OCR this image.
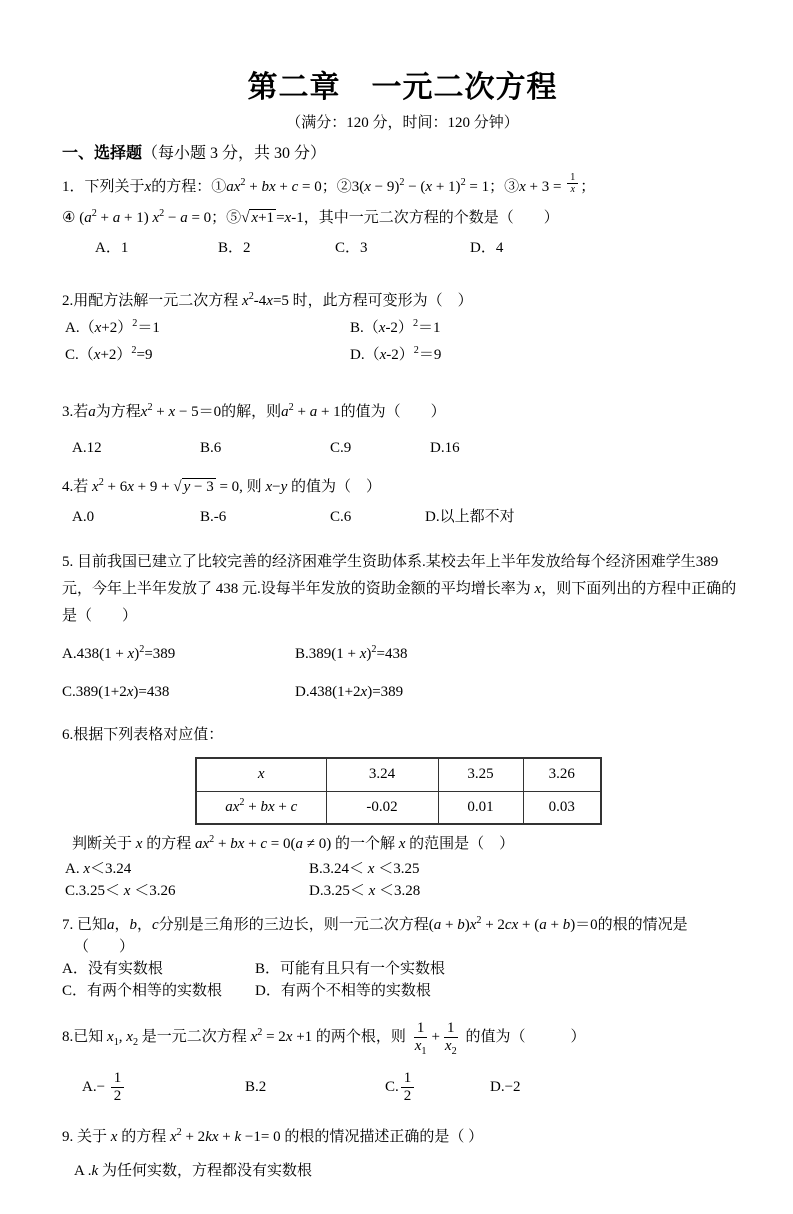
第二章　一元二次方程
（满分：120 分，时间：120 分钟）
一、选择题（每小题 3 分，共 30 分）
1．下列关于x的方程：$①ax^2$ + bx + c = 0；②3(x − $9)^2 - (x + 1)^2 = 1$；③x + $3 = \frac{1}{x}$ ；
④ $(a^2 + a + 1) x^2 - a = 0$；⑤√ x+1 =x-1，其中一元二次方程的个数是（　　）
A．1	B．2	C．3	D．4
2.用配方法解一元二次方程 $x^2-4x=5$ 时，此方程可变形为（　）
$A.(x+2)^2=1$	$B.(x-2)^2=1$
$C.(x+2)^2=9$	$D.(x-2)^2=9$
3.若a为方程$x^2 + x - 5=0$的解，则$a^2 + a + 1$的值为（　　）
A.12	B.6	C.9	D.16
4.若 $x^2 + 6x + 9$ + √ y − 3 = 0, 则 x−y 的值为（　）
A.0	B.-6	C.6	D.以上都不对
5. 目前我国已建立了比较完善的经济困难学生资助体系.某校去年上半年发放给每个经济困难学生389元，今年上半年发放了 438 元.设每半年发放的资助金额的平均增长率为 x，则下面列出的方程中正确的是（　　）
$A.438(1 + x)^2=389$	$B.389(1 + x)^2=438$
C.389(1+2x)=438	D.438(1+2x)=389
6.根据下列表格对应值：
x	3.24	3.25	3.26
$ax^2$ + bx + c	-0.02	0.01	0.03
判断关于 x 的方程 $ax^2$ + bx + c = 0(a ≠ 0) 的一个解 x 的范围是（　）
A. x＜3.24	B.3.24＜ x ＜3.25
C.3.25＜ x ＜3.26	D.3.25＜ x ＜3.28
7. 已知a，b，c分别是三角形的三边长，则一元二次方程$(a + b)x^2 + 2cx + (a + b)=0$的根的情况是
（　　）
A．没有实数根	B．可能有且只有一个实数根
C．有两个相等的实数根	D．有两个不相等的实数根
8.已知 $x_1$, $x_2$ 是一元二次方程 $x^2 = 2x +1$ 的两个根，则 $\frac{1}{x_1} + \frac{1}{x_2}$ 的值为（　　　）
$A.- \frac{1}{2}$	B.2	C. $\frac{1}{2}$	D.−2
9. 关于 x 的方程 $x^2 + 2kx + k -1= 0$ 的根的情况描述正确的是（ ）
A .k 为任何实数，方程都没有实数根
